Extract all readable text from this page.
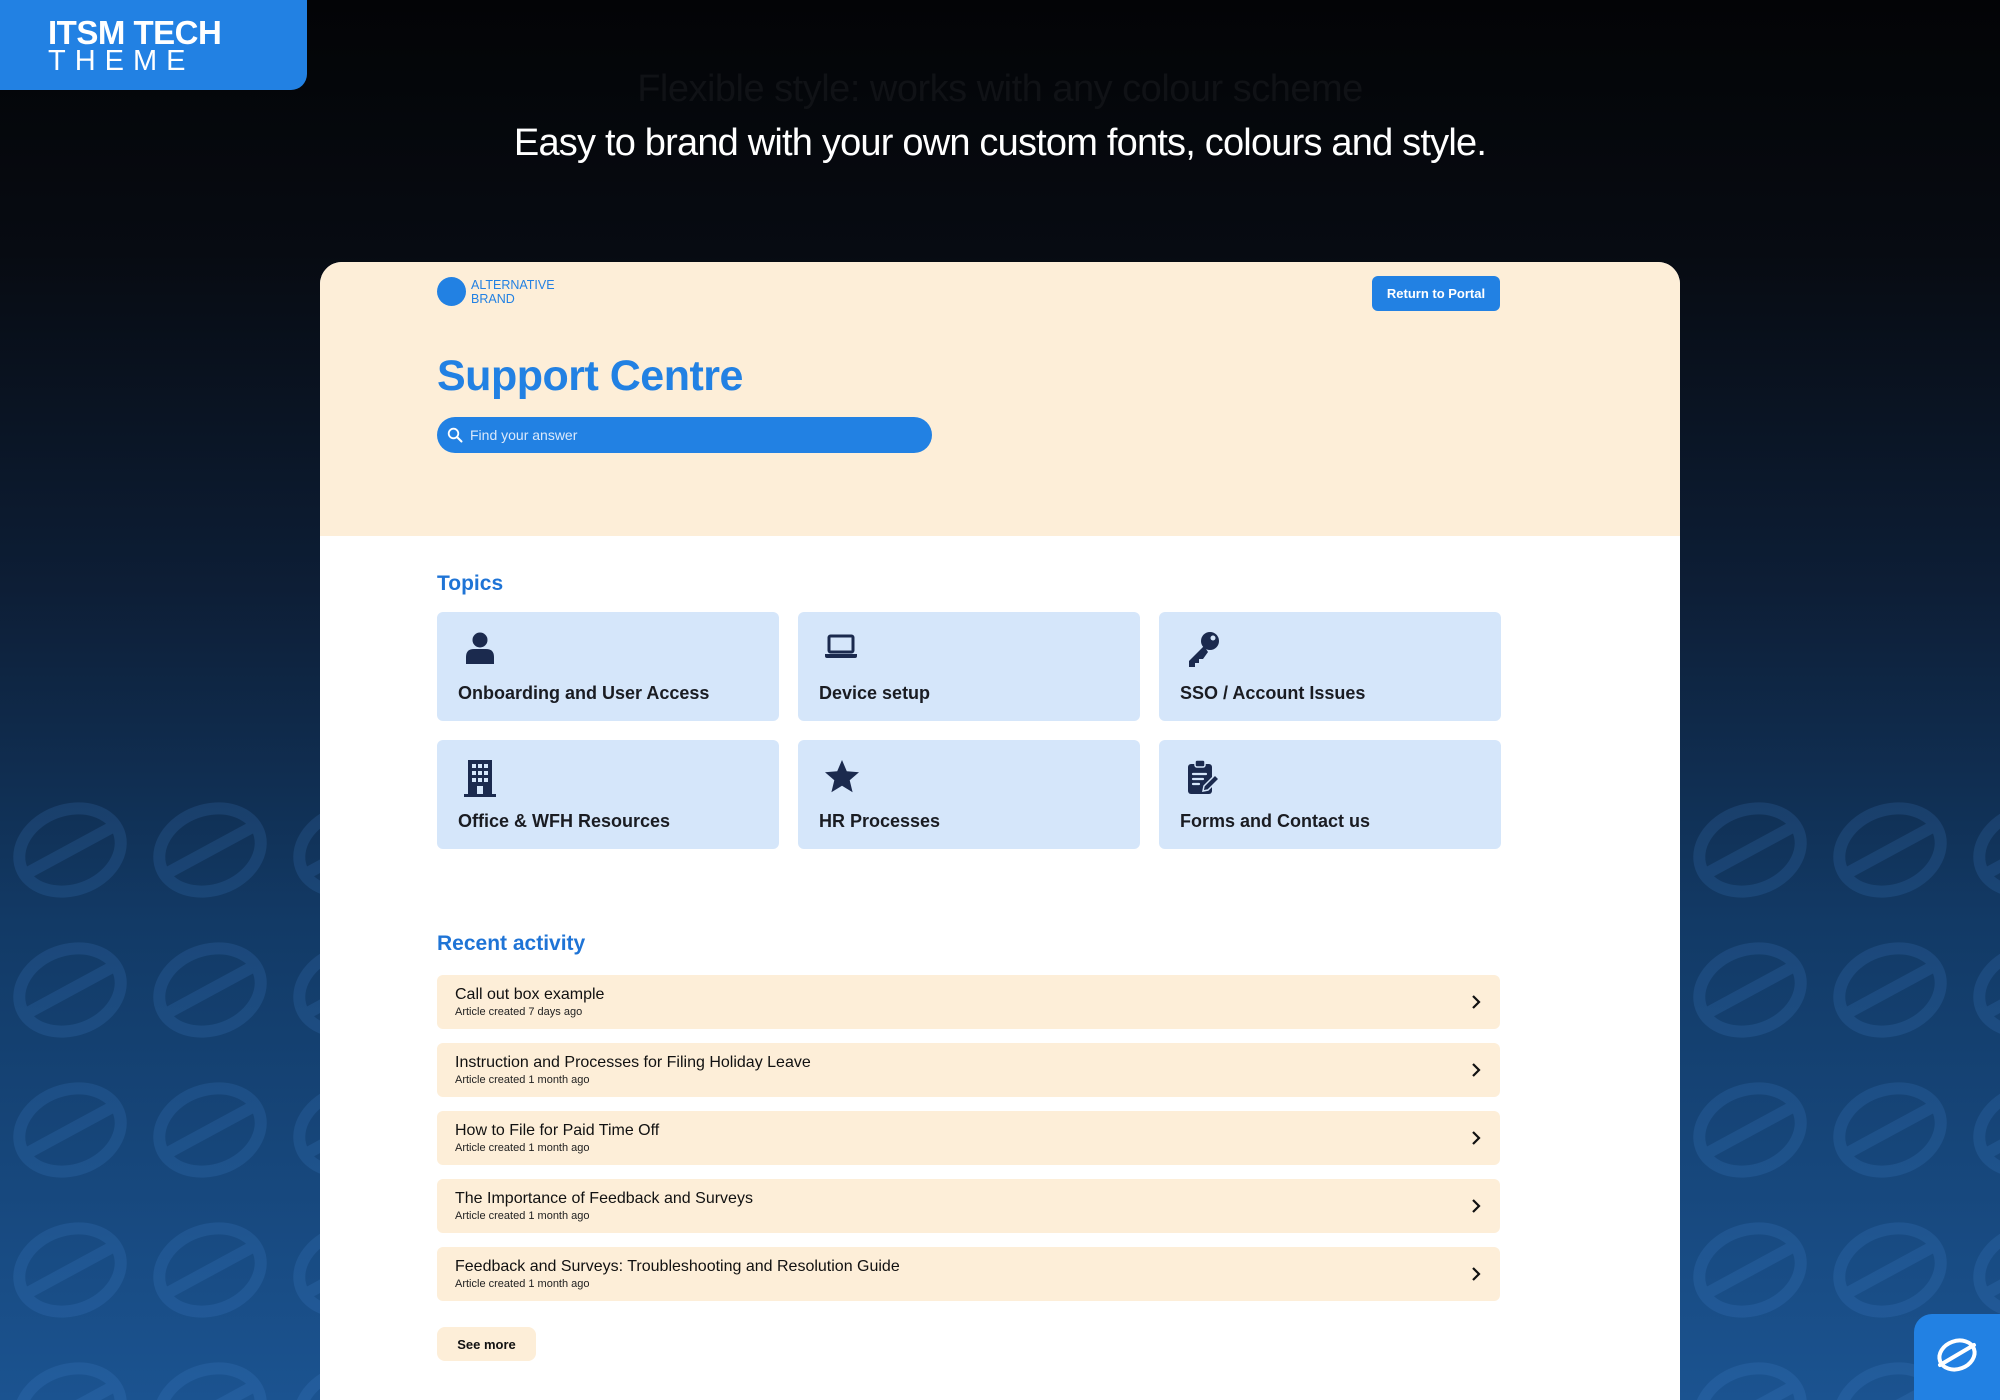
ITSM TECH
THEME
Flexible style: works with any colour scheme
Easy to brand with your own custom fonts, colours and style.
ALTERNATIVE
BRAND	Return to Portal
Support Centre
Find your answer
Topics
Onboarding and User Access	Device setup	SSO / Account Issues
Office & WFH Resources	HR Processes	Forms and Contact us
Recent activity
Call out box example
Article created 7 days ago
Instruction and Processes for Filing Holiday Leave
Article created 1 month ago
How to File for Paid Time Off
Article created 1 month ago
The Importance of Feedback and Surveys
Article created 1 month ago
Feedback and Surveys: Troubleshooting and Resolution Guide
Article created 1 month ago
See more
